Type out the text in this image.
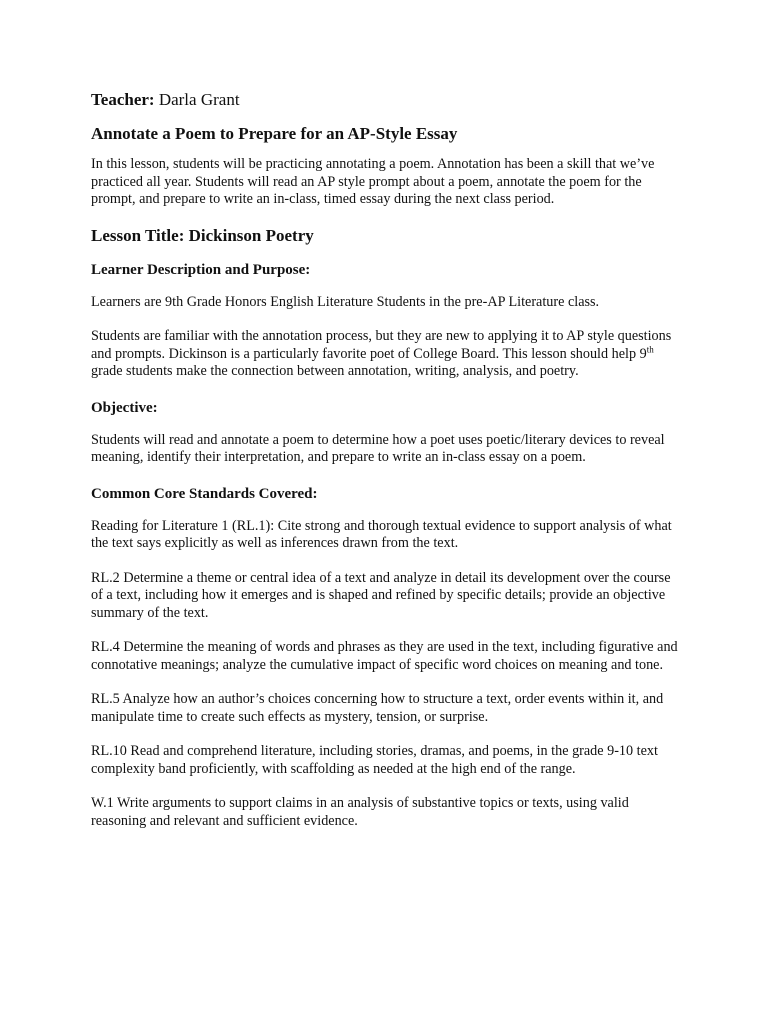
Teacher: Darla Grant
Annotate a Poem to Prepare for an AP-Style Essay

In this lesson, students will be practicing annotating a poem. Annotation has been a skill that we’ve practiced all year. Students will read an AP style prompt about a poem, annotate the poem for the prompt, and prepare to write an in-class, timed essay during the next class period.

Lesson Title: Dickinson Poetry
Learner Description and Purpose:

Learners are 9th Grade Honors English Literature Students in the pre-AP Literature class.

Students are familiar with the annotation process, but they are new to applying it to AP style questions and prompts. Dickinson is a particularly favorite poet of College Board. This lesson should help 9th grade students make the connection between annotation, writing, analysis, and poetry.

Objective:

Students will read and annotate a poem to determine how a poet uses poetic/literary devices to reveal meaning, identify their interpretation, and prepare to write an in-class essay on a poem.

Common Core Standards Covered:

Reading for Literature 1 (RL.1): Cite strong and thorough textual evidence to support analysis of what the text says explicitly as well as inferences drawn from the text.

RL.2 Determine a theme or central idea of a text and analyze in detail its development over the course of a text, including how it emerges and is shaped and refined by specific details; provide an objective summary of the text.

RL.4 Determine the meaning of words and phrases as they are used in the text, including figurative and connotative meanings; analyze the cumulative impact of specific word choices on meaning and tone.

RL.5 Analyze how an author’s choices concerning how to structure a text, order events within it, and manipulate time to create such effects as mystery, tension, or surprise.

RL.10 Read and comprehend literature, including stories, dramas, and poems, in the grade 9-10 text complexity band proficiently, with scaffolding as needed at the high end of the range.

W.1 Write arguments to support claims in an analysis of substantive topics or texts, using valid reasoning and relevant and sufficient evidence.
